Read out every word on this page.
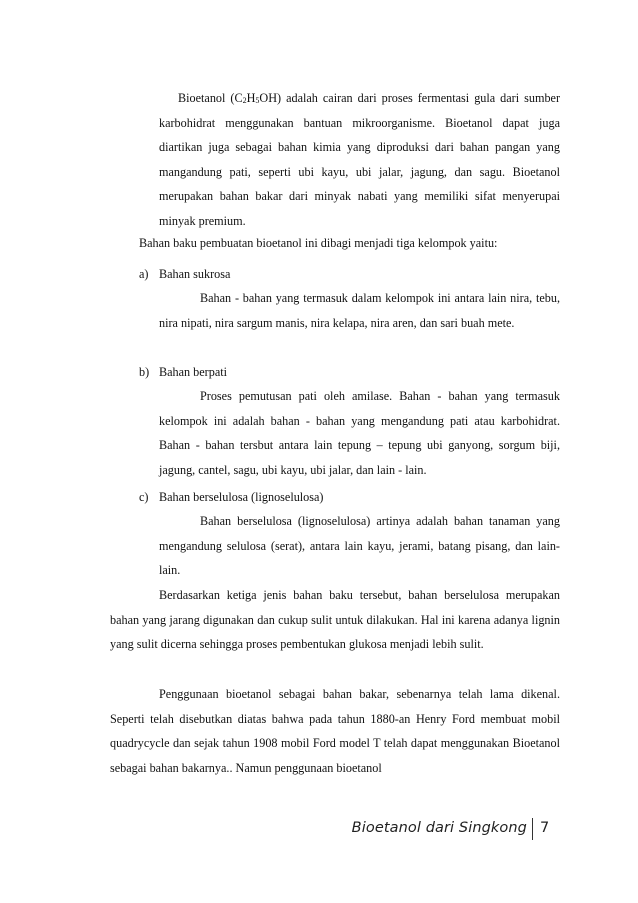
Bioetanol $(C_2H_5OH)$ adalah cairan dari proses fermentasi gula dari sumber karbohidrat menggunakan bantuan mikroorganisme. Bioetanol dapat juga diartikan juga sebagai bahan kimia yang diproduksi dari bahan pangan yang mangandung pati, seperti ubi kayu, ubi jalar, jagung, dan sagu. Bioetanol merupakan bahan bakar dari minyak nabati yang memiliki sifat menyerupai minyak premium.

Bahan baku pembuatan bioetanol ini dibagi menjadi tiga kelompok yaitu:

a) Bahan sukrosa

Bahan - bahan yang termasuk dalam kelompok ini antara lain nira, tebu, nira nipati, nira sargum manis, nira kelapa, nira aren, dan sari buah mete.

b) Bahan berpati

Proses pemutusan pati oleh amilase. Bahan - bahan yang termasuk kelompok ini adalah bahan - bahan yang mengandung pati atau karbohidrat. Bahan - bahan tersbut antara lain tepung – tepung ubi ganyong, sorgum biji, jagung, cantel, sagu, ubi kayu, ubi jalar, dan lain - lain.

c) Bahan berselulosa (lignoselulosa)

Bahan berselulosa (lignoselulosa) artinya adalah bahan tanaman yang mengandung selulosa (serat), antara lain kayu, jerami, batang pisang, dan lain-lain.

Berdasarkan ketiga jenis bahan baku tersebut, bahan berselulosa merupakan bahan yang jarang digunakan dan cukup sulit untuk dilakukan. Hal ini karena adanya lignin yang sulit dicerna sehingga proses pembentukan glukosa menjadi lebih sulit.

Penggunaan bioetanol sebagai bahan bakar, sebenarnya telah lama dikenal. Seperti telah disebutkan diatas bahwa pada tahun 1880-an Henry Ford membuat mobil quadrycycle dan sejak tahun 1908 mobil Ford model T telah dapat menggunakan Bioetanol sebagai bahan bakarnya.. Namun penggunaan bioetanol

Bioetanol dari Singkong 7
